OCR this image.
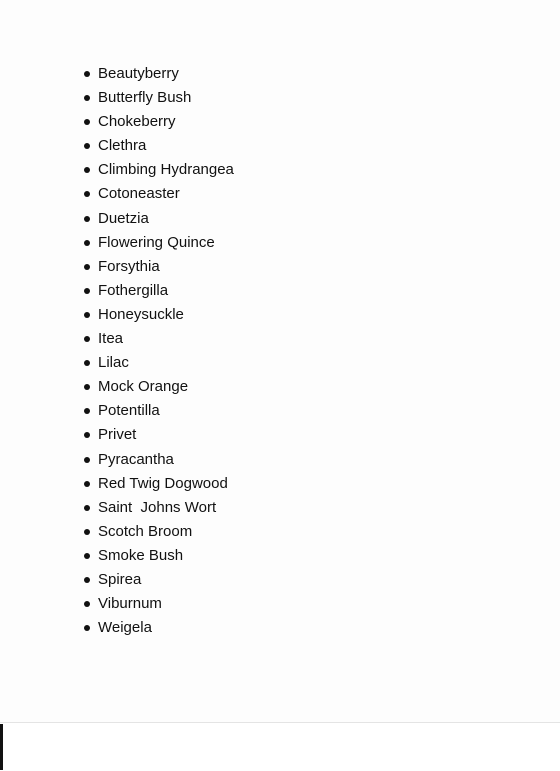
Beautyberry
Butterfly Bush
Chokeberry
Clethra
Climbing Hydrangea
Cotoneaster
Duetzia
Flowering Quince
Forsythia
Fothergilla
Honeysuckle
Itea
Lilac
Mock Orange
Potentilla
Privet
Pyracantha
Red Twig Dogwood
Saint  Johns Wort
Scotch Broom
Smoke Bush
Spirea
Viburnum
Weigela
